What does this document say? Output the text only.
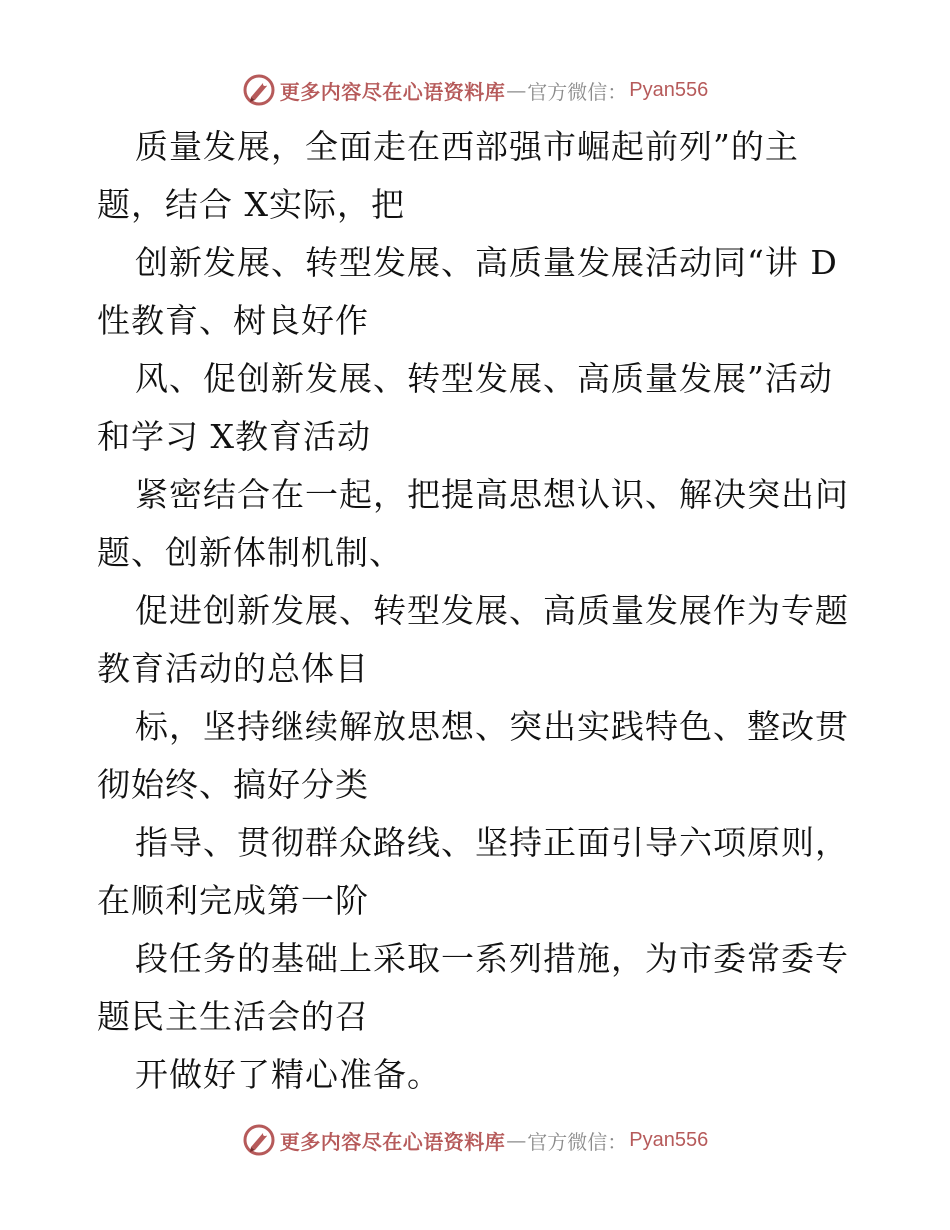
更多内容尽在心语资料库 — 官方微信： Pyan556
质量发展，全面走在西部强市崛起前列”的主
题，结合 X实际，把
创新发展、转型发展、高质量发展活动同“讲 D
性教育、树良好作
风、促创新发展、转型发展、高质量发展”活动
和学习 X教育活动
紧密结合在一起，把提高思想认识、解决突出问
题、创新体制机制、
促进创新发展、转型发展、高质量发展作为专题
教育活动的总体目
标，坚持继续解放思想、突出实践特色、整改贯
彻始终、搞好分类
指导、贯彻群众路线、坚持正面引导六项原则，
在顺利完成第一阶
段任务的基础上采取一系列措施，为市委常委专
题民主生活会的召
开做好了精心准备。
更多内容尽在心语资料库 — 官方微信： Pyan556
